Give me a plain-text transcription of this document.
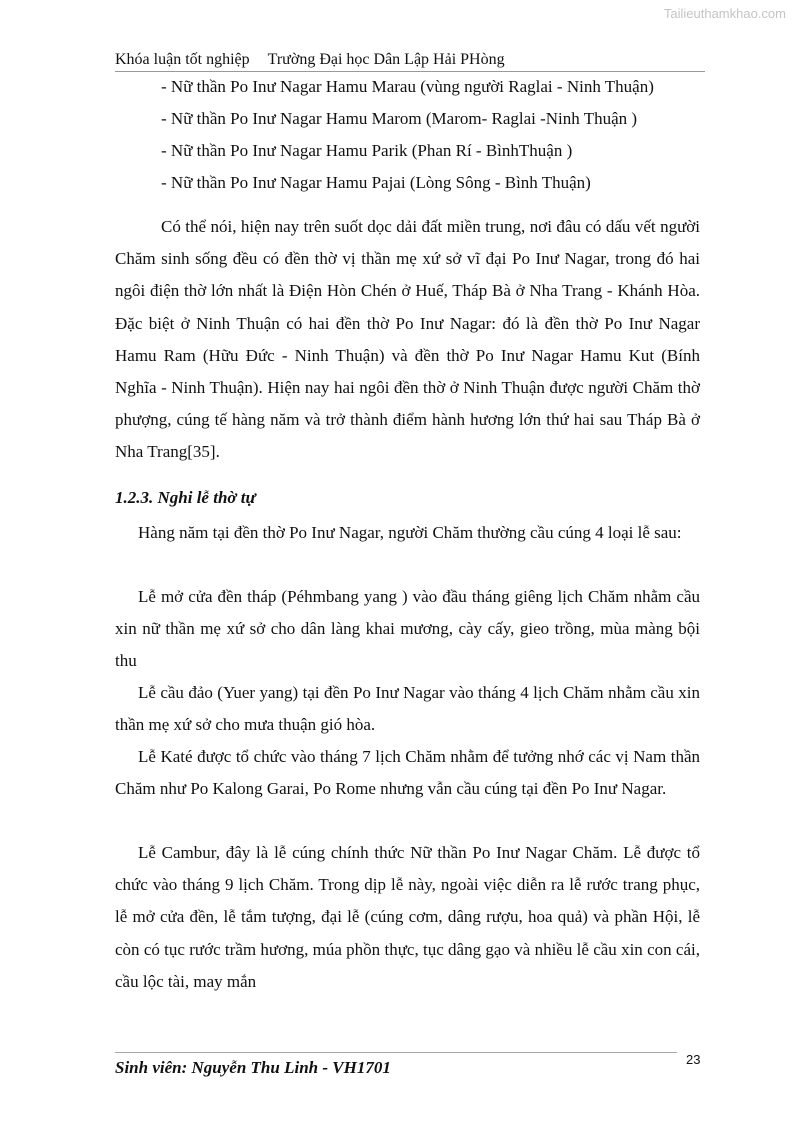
Tailieuthamkhao.com
Khóa luận tốt nghiệp Trường Đại học Dân Lập Hải PHòng
- Nữ thần Po Inư Nagar Hamu Marau (vùng người Raglai - Ninh Thuận)
- Nữ thần Po Inư Nagar Hamu Marom (Marom- Raglai -Ninh Thuận )
- Nữ thần Po Inư Nagar Hamu Parik (Phan Rí - BìnhThuận )
- Nữ thần Po Inư Nagar Hamu Pajai (Lòng Sông - Bình Thuận)

Có thể nói, hiện nay trên suốt dọc dải đất miền trung, nơi đâu có dấu vết người Chăm sinh sống đều có đền thờ vị thần mẹ xứ sở vĩ đại Po Inư Nagar, trong đó hai ngôi điện thờ lớn nhất là Điện Hòn Chén ở Huế, Tháp Bà ở Nha Trang - Khánh Hòa. Đặc biệt ở Ninh Thuận có hai đền thờ Po Inư Nagar: đó là đền thờ Po Inư Nagar Hamu Ram (Hữu Đức - Ninh Thuận) và đền thờ Po Inư Nagar Hamu Kut (Bính Nghĩa - Ninh Thuận). Hiện nay hai ngôi đền thờ ở Ninh Thuận được người Chăm thờ phượng, cúng tế hàng năm và trở thành điểm hành hương lớn thứ hai sau Tháp Bà ở Nha Trang[35].

1.2.3. Nghi lễ thờ tự

Hàng năm tại đền thờ Po Inư Nagar, người Chăm thường cầu cúng 4 loại lễ sau:

Lễ mở cửa đền tháp (Péhmbang yang ) vào đầu tháng giêng lịch Chăm nhằm cầu xin nữ thần mẹ xứ sở cho dân làng khai mương, cày cấy, gieo trồng, mùa màng bội thu

Lễ cầu đảo (Yuer yang) tại đền Po Inư Nagar vào tháng 4 lịch Chăm nhằm cầu xin thần mẹ xứ sở cho mưa thuận gió hòa.

Lễ Katé được tổ chức vào tháng 7 lịch Chăm nhằm để tưởng nhớ các vị Nam thần Chăm như Po Kalong Garai, Po Rome nhưng vẫn cầu cúng tại đền Po Inư Nagar.

Lễ Cambur, đây là lễ cúng chính thức Nữ thần Po Inư Nagar Chăm. Lễ được tổ chức vào tháng 9 lịch Chăm. Trong dịp lễ này, ngoài việc diễn ra lễ rước trang phục, lễ mở cửa đền, lễ tắm tượng, đại lễ (cúng cơm, dâng rượu, hoa quả) và phần Hội, lễ còn có tục rước trầm hương, múa phồn thực, tục dâng gạo và nhiều lễ cầu xin con cái, cầu lộc tài, may mắn

Sinh viên: Nguyễn Thu Linh - VH1701	23
